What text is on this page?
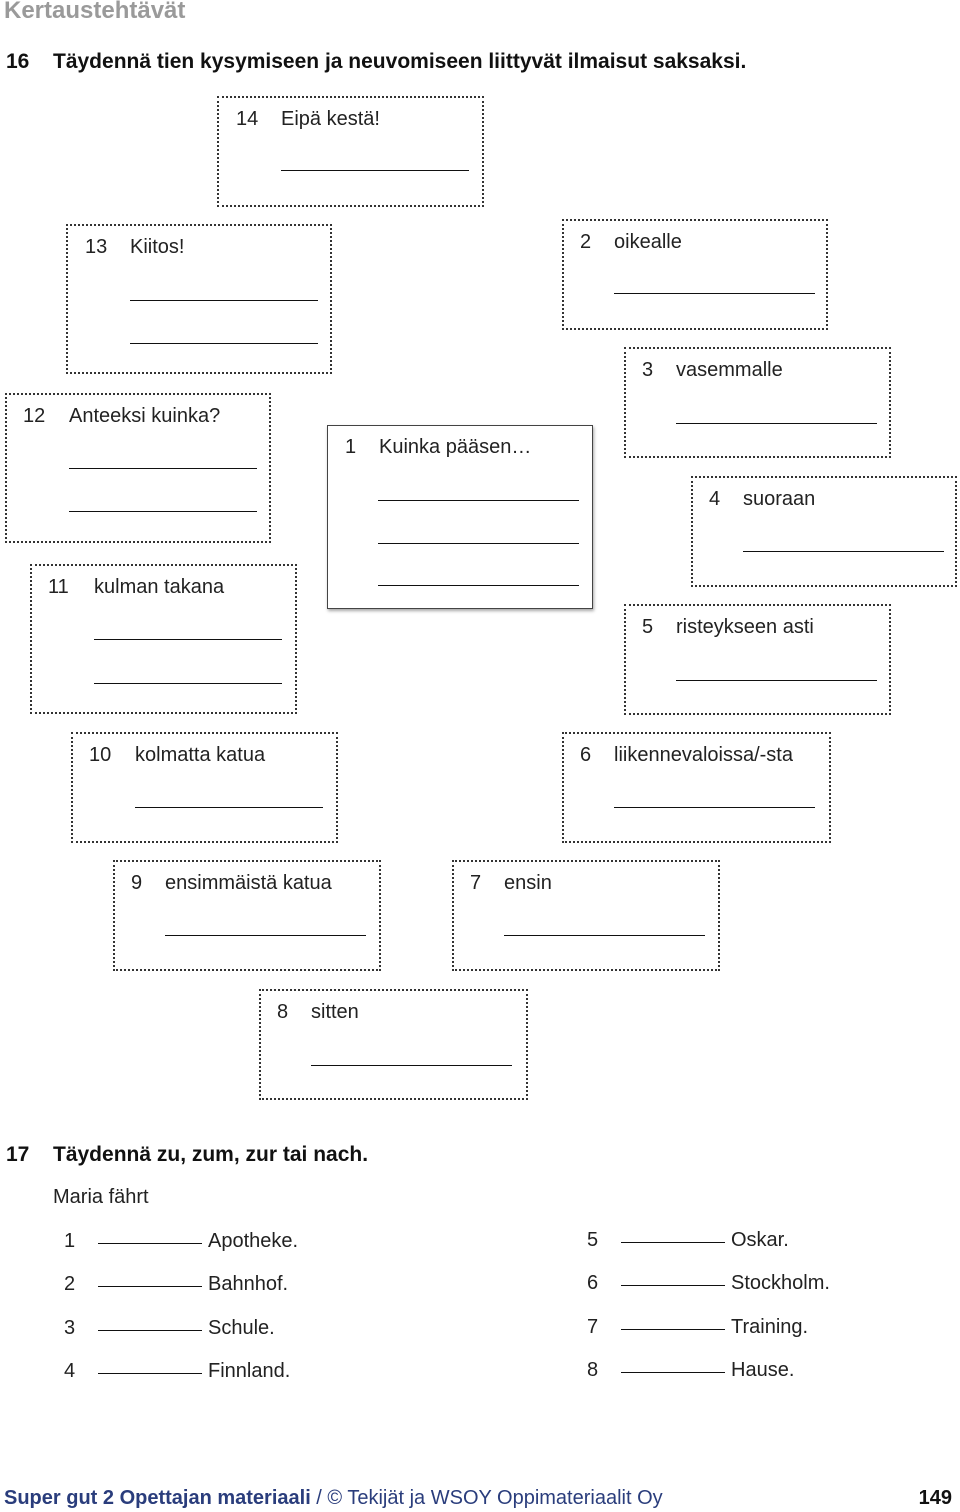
Kertaustehtävät
16 Täydennä tien kysymiseen ja neuvomiseen liittyvät ilmaisut saksaksi.
14 Eipä kestä!
13 Kiitos!	2 oikealle
3 vasemmalle
12 Anteeksi kuinka?
1 Kuinka pääsen…
4 suoraan
11 kulman takana
5 risteykseen asti
10 kolmatta katua	6 liikennevaloissa/-sta
9 ensimmäistä katua	7 ensin
8 sitten
17 Täydennä zu, zum, zur tai nach.
Maria fährt
1	Apotheke.
2	Bahnhof.
3	Schule.
4	Finnland.
5	Oskar.
6	Stockholm.
7	Training.
8	Hause.
Super gut 2 Opettajan materiaali / © Tekijät ja WSOY Oppimateriaalit Oy	149
